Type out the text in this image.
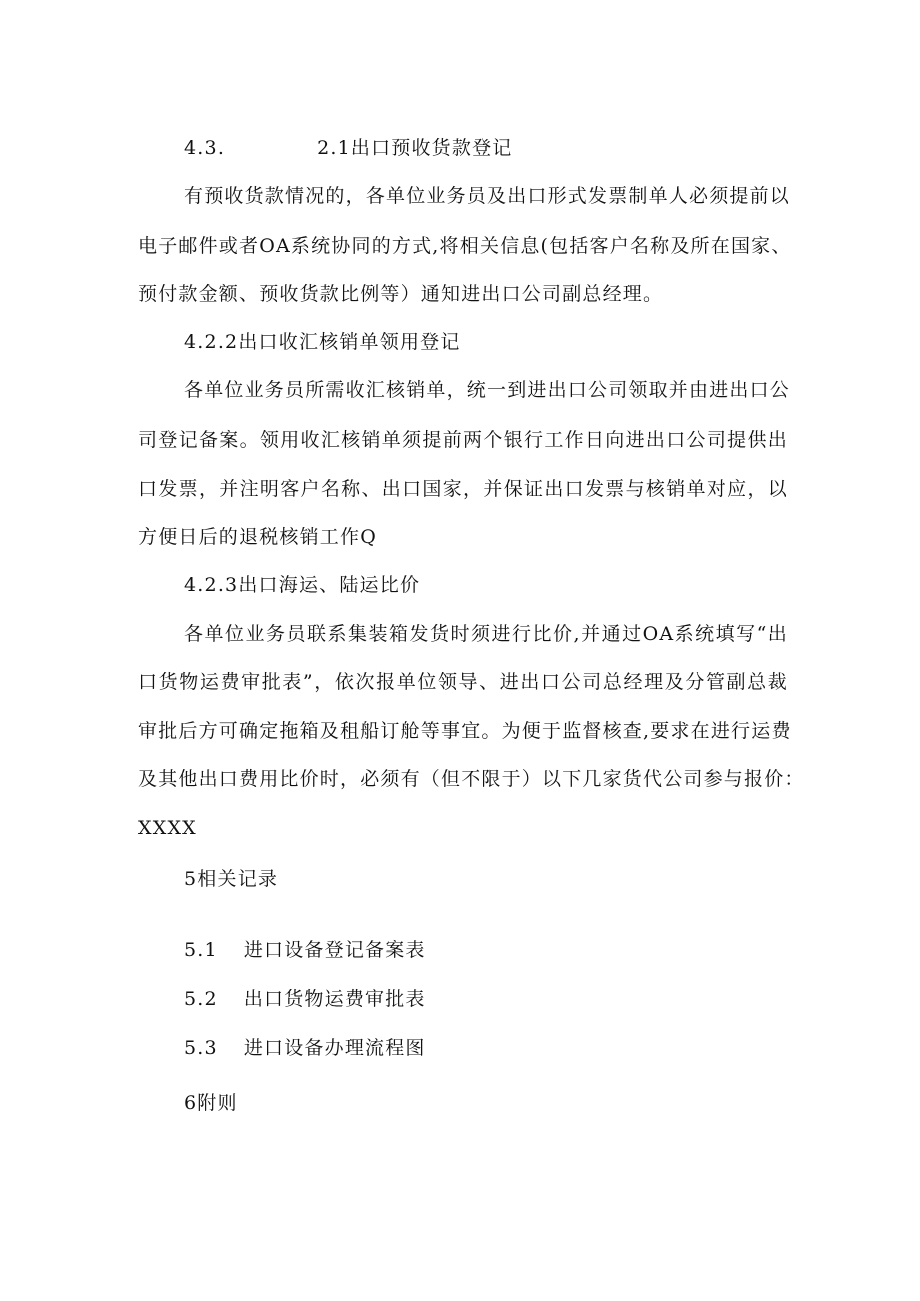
4.3.	2.1出口预收货款登记
有预收货款情况的，各单位业务员及出口形式发票制单人必须提前以
电子邮件或者OA系统协同的方式,将相关信息(包括客户名称及所在国家、
预付款金额、预收货款比例等）通知进出口公司副总经理。
4.2.2出口收汇核销单领用登记
各单位业务员所需收汇核销单，统一到进出口公司领取并由进出口公
司登记备案。领用收汇核销单须提前两个银行工作日向进出口公司提供出
口发票，并注明客户名称、出口国家，并保证出口发票与核销单对应，以
方便日后的退税核销工作Q
4.2.3出口海运、陆运比价
各单位业务员联系集装箱发货时须进行比价,并通过OA系统填写“出
口货物运费审批表”，依次报单位领导、进出口公司总经理及分管副总裁
审批后方可确定拖箱及租船订舱等事宜。为便于监督核查,要求在进行运费
及其他出口费用比价时，必须有（但不限于）以下几家货代公司参与报价：
XXXX
5相关记录
5.1 进口设备登记备案表
5.2 出口货物运费审批表
5.3 进口设备办理流程图
6附则
